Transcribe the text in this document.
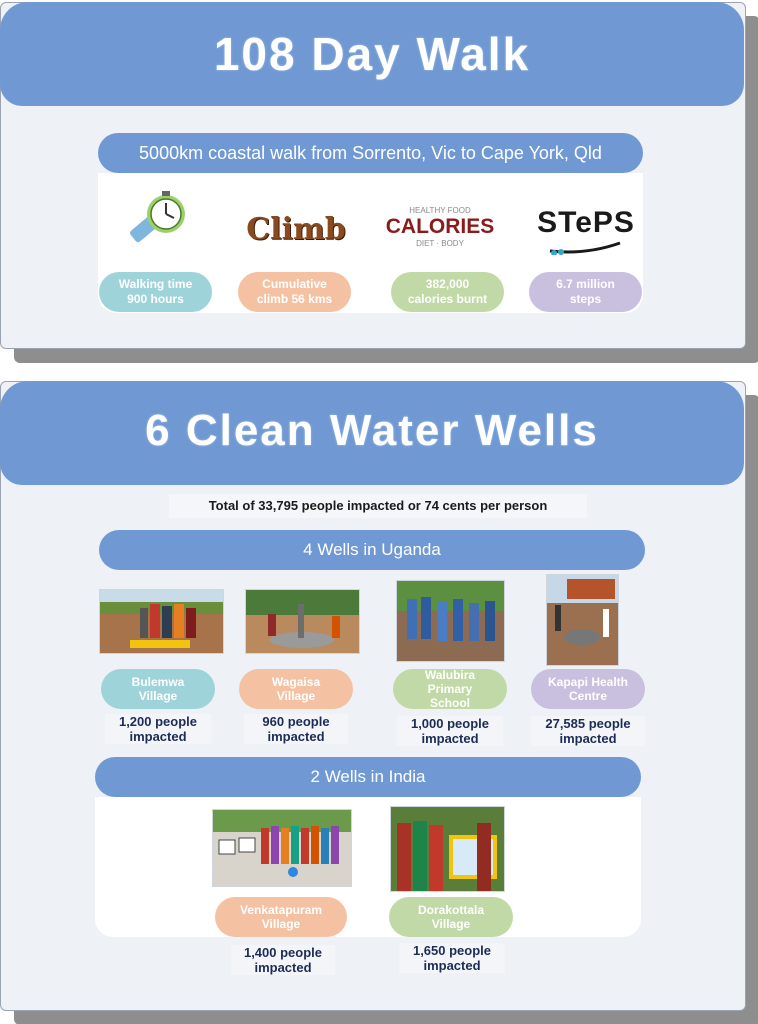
108 Day Walk
5000km coastal walk from Sorrento, Vic to Cape York, Qld
Climb
HEALTHY FOOD
CALORIES
DIET · BODY
STePS
Walking time
900 hours
Cumulative
climb 56 kms
382,000
calories burnt
6.7 million
steps
6 Clean Water Wells
Total of 33,795 people impacted or 74 cents per person
4 Wells in Uganda
Bulemwa
Village
Wagaisa
Village
Walubira
Primary
School
Kapapi Health
Centre
1,200 people
impacted
960 people
impacted
1,000 people
impacted
27,585 people
impacted
2 Wells in India
Venkatapuram
Village
Dorakottala
Village
1,400 people
impacted
1,650 people
impacted
